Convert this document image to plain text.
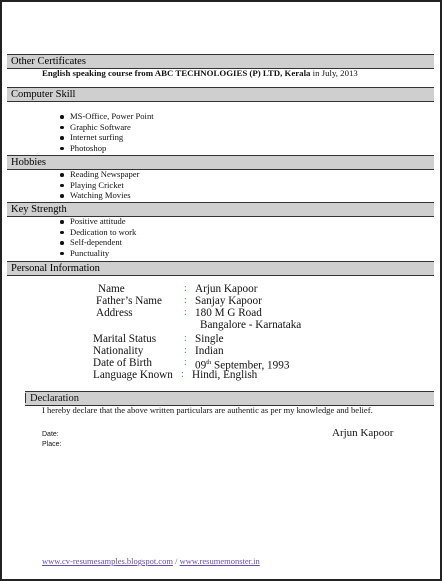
Other Certificates
English speaking course from ABC TECHNOLOGIES (P) LTD, Kerala in July, 2013
Computer Skill
MS-Office, Power Point
Graphic Software
Internet surfing
Photoshop
Hobbies
Reading Newspaper
Playing Cricket
Watching Movies
Key Strength
Positive attitude
Dedication to work
Self-dependent
Punctuality
Personal Information
Name	: Arjun Kapoor
Father’s Name : Sanjay Kapoor
Address	: 180 M G Road
Bangalore - Karnataka
Marital Status	: Single
Nationality	: Indian
Date of Birth	: 09th September, 1993
Language Known : Hindi, English
Declaration
I hereby declare that the above written particulars are authentic as per my knowledge and belief.
Date:
Place:
Arjun Kapoor
www.cv-resumesamples.blogspot.com / www.resumemonster.in
